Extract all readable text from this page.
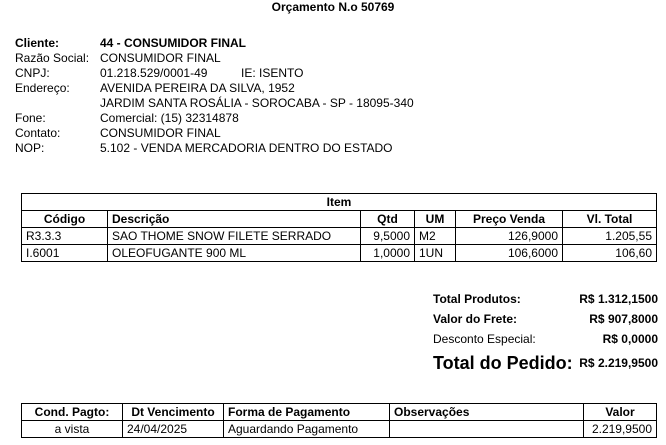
Orçamento N.o 50769
Cliente:	44 - CONSUMIDOR FINAL
Razão Social: CONSUMIDOR FINAL
CNPJ:	01.218.529/0001-49	IE: ISENTO
Endereço:	AVENIDA PEREIRA DA SILVA, 1952
JARDIM SANTA ROSÁLIA - SOROCABA - SP - 18095-340
Fone:	Comercial: (15) 32314878
Contato:	CONSUMIDOR FINAL
NOP:	5.102 - VENDA MERCADORIA DENTRO DO ESTADO
Item					
Código	Descrição	Qtd	UM	Preço Venda	Vl. Total
R3.3.3	SAO THOME SNOW FILETE SERRADO	9,5000	M2	126,9000	1.205,55
I.6001	OLEOFUGANTE 900 ML	1,0000	1UN	106,6000	106,60
Total Produtos:	R$ 1.312,1500
Valor do Frete:	R$ 907,8000
Desconto Especial:	R$ 0,0000
Total do Pedido: R$ 2.219,9500
Cond. Pagto:	Dt Vencimento	Forma de Pagamento	Observações	Valor
a vista	24/04/2025	Aguardando Pagamento		2.219,9500
